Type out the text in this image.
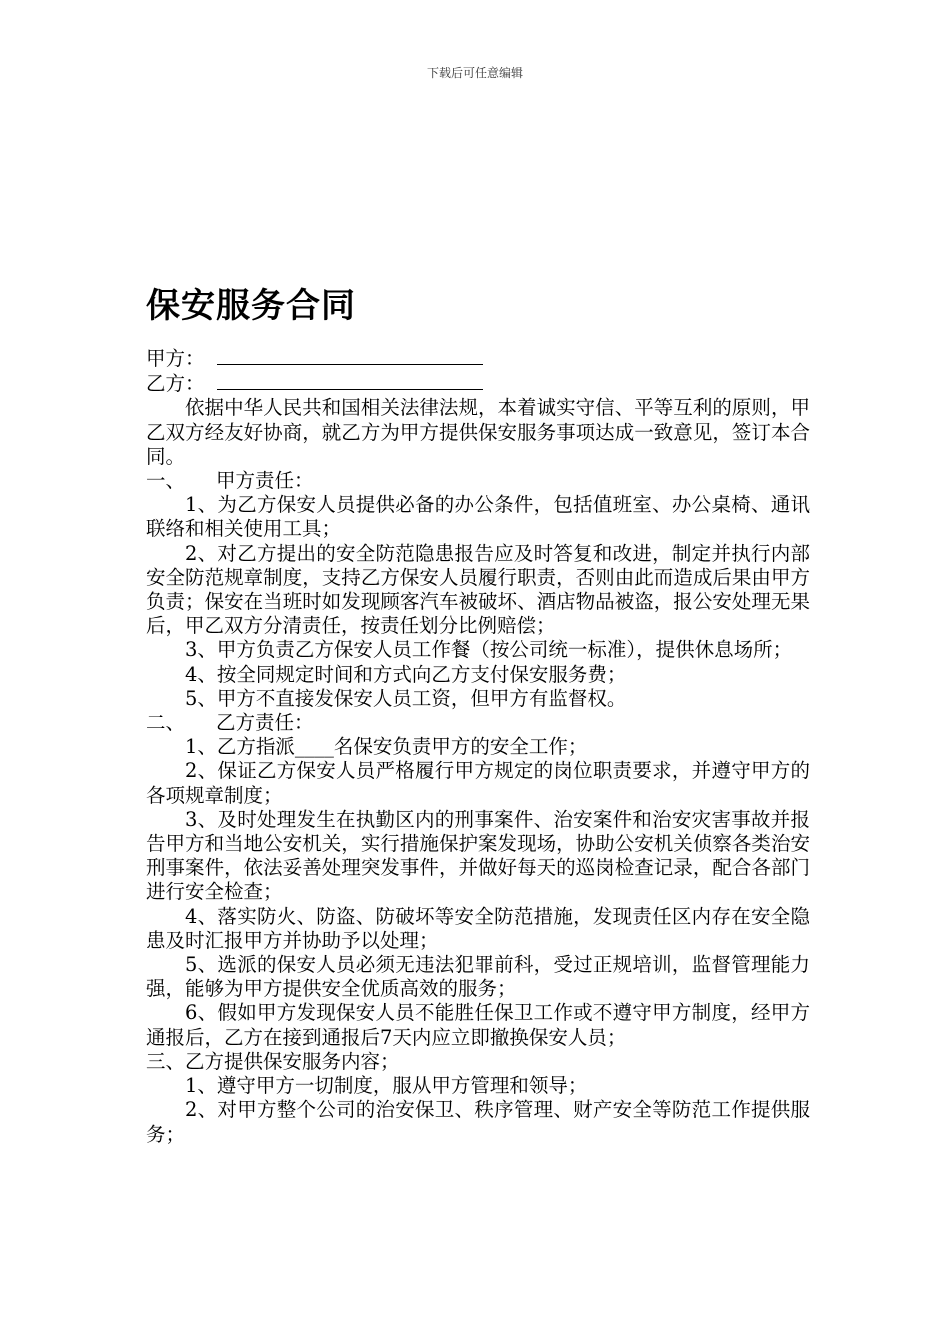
下载后可任意编辑
保安服务合同
甲方：
乙方：

依据中华人民共和国相关法律法规，本着诚实守信、平等互利的原则，甲乙双方经友好协商，就乙方为甲方提供保安服务事项达成一致意见，签订本合同。

一、 甲方责任：

1、为乙方保安人员提供必备的办公条件，包括值班室、办公桌椅、通讯联络和相关使用工具；

2、对乙方提出的安全防范隐患报告应及时答复和改进，制定并执行内部安全防范规章制度，支持乙方保安人员履行职责，否则由此而造成后果由甲方负责；保安在当班时如发现顾客汽车被破坏、酒店物品被盗，报公安处理无果后，甲乙双方分清责任，按责任划分比例赔偿；

3、甲方负责乙方保安人员工作餐（按公司统一标准），提供休息场所；

4、按全同规定时间和方式向乙方支付保安服务费；

5、甲方不直接发保安人员工资，但甲方有监督权。

二、 乙方责任：

1、乙方指派____名保安负责甲方的安全工作；

2、保证乙方保安人员严格履行甲方规定的岗位职责要求，并遵守甲方的各项规章制度；

3、及时处理发生在执勤区内的刑事案件、治安案件和治安灾害事故并报告甲方和当地公安机关，实行措施保护案发现场，协助公安机关侦察各类治安刑事案件，依法妥善处理突发事件，并做好每天的巡岗检查记录，配合各部门进行安全检查；

4、落实防火、防盗、防破坏等安全防范措施，发现责任区内存在安全隐患及时汇报甲方并协助予以处理；

5、选派的保安人员必须无违法犯罪前科，受过正规培训，监督管理能力强，能够为甲方提供安全优质高效的服务；

6、假如甲方发现保安人员不能胜任保卫工作或不遵守甲方制度，经甲方通报后，乙方在接到通报后7天内应立即撤换保安人员；

三、乙方提供保安服务内容；

1、遵守甲方一切制度，服从甲方管理和领导；

2、对甲方整个公司的治安保卫、秩序管理、财产安全等防范工作提供服务；
